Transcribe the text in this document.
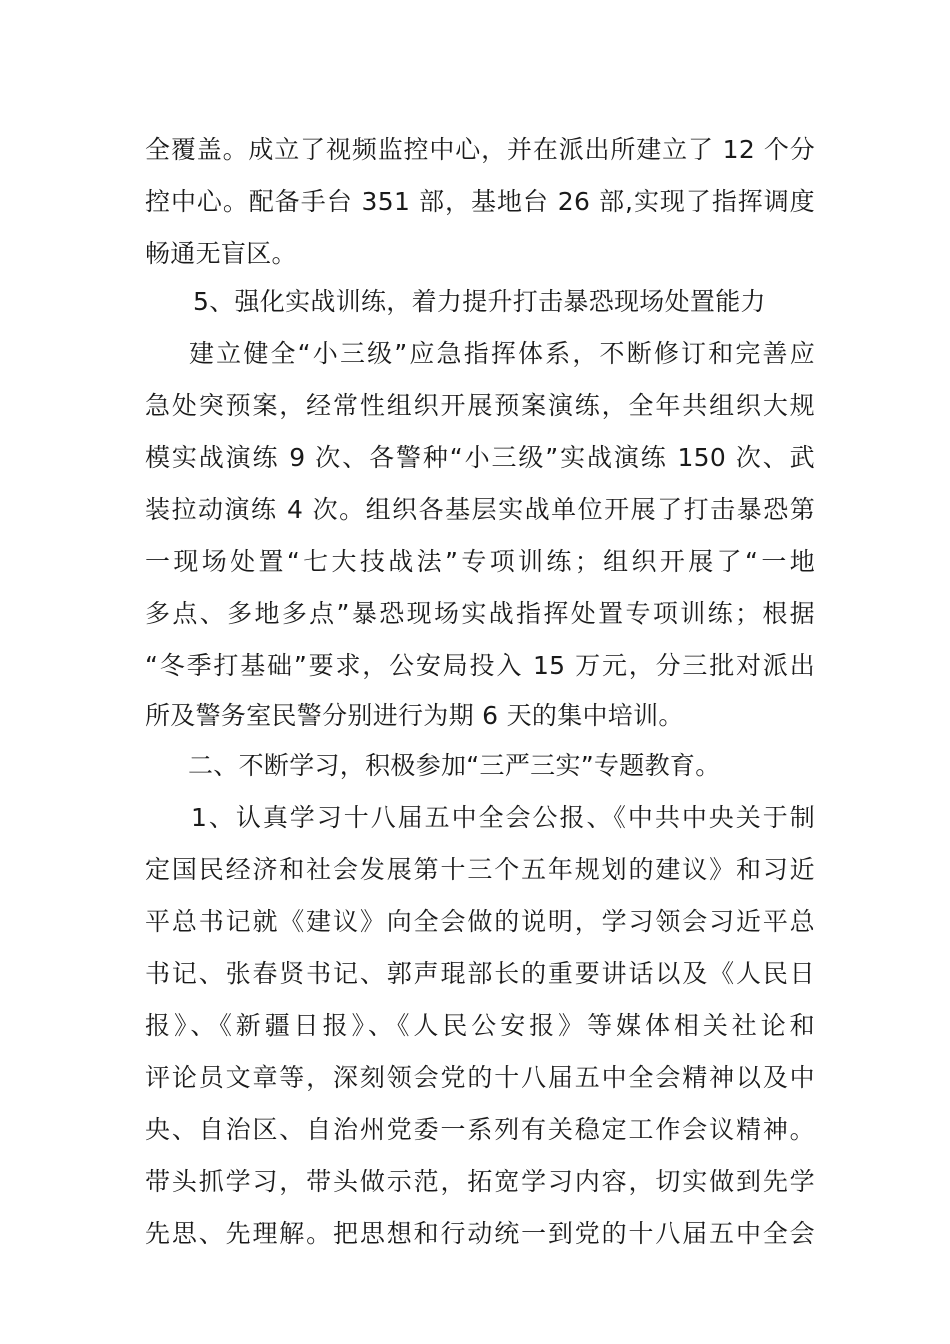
全覆盖。成立了视频监控中心，并在派出所建立了 12 个分
控中心。配备手台 351 部，基地台 26 部,实现了指挥调度
畅通无盲区。
5、强化实战训练，着力提升打击暴恐现场处置能力
建立健全“小三级”应急指挥体系，不断修订和完善应
急处突预案，经常性组织开展预案演练，全年共组织大规
模实战演练 9 次、各警种“小三级”实战演练 150 次、武
装拉动演练 4 次。组织各基层实战单位开展了打击暴恐第
一现场处置“七大技战法”专项训练；组织开展了“一地
多点、多地多点”暴恐现场实战指挥处置专项训练；根据
“冬季打基础”要求，公安局投入 15 万元，分三批对派出
所及警务室民警分别进行为期 6 天的集中培训。
二、不断学习，积极参加“三严三实”专题教育。
1、认真学习十八届五中全会公报、《中共中央关于制
定国民经济和社会发展第十三个五年规划的建议》和习近
平总书记就《建议》向全会做的说明，学习领会习近平总
书记、张春贤书记、郭声琨部长的重要讲话以及《人民日
报》、《新疆日报》、《人民公安报》等媒体相关社论和
评论员文章等，深刻领会党的十八届五中全会精神以及中
央、自治区、自治州党委一系列有关稳定工作会议精神。
带头抓学习，带头做示范，拓宽学习内容，切实做到先学
先思、先理解。把思想和行动统一到党的十八届五中全会
